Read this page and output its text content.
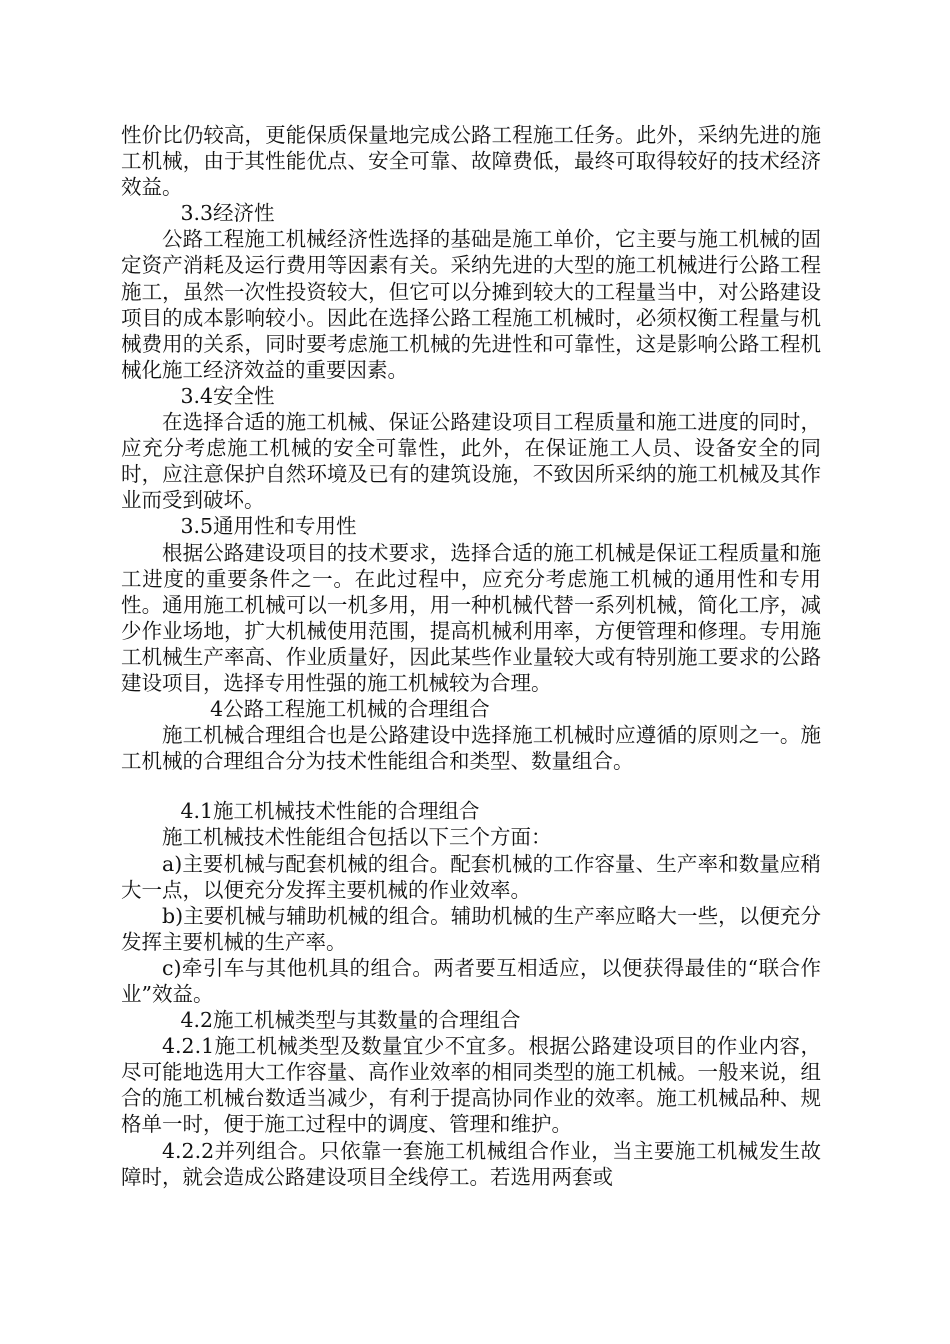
性价比仍较高，更能保质保量地完成公路工程施工任务。此外，采纳先进的施工机械，由于其性能优点、安全可靠、故障费低，最终可取得较好的技术经济效益。

3.3经济性

公路工程施工机械经济性选择的基础是施工单价，它主要与施工机械的固定资产消耗及运行费用等因素有关。采纳先进的大型的施工机械进行公路工程施工，虽然一次性投资较大，但它可以分摊到较大的工程量当中，对公路建设项目的成本影响较小。因此在选择公路工程施工机械时，必须权衡工程量与机械费用的关系，同时要考虑施工机械的先进性和可靠性，这是影响公路工程机械化施工经济效益的重要因素。

3.4安全性

在选择合适的施工机械、保证公路建设项目工程质量和施工进度的同时，应充分考虑施工机械的安全可靠性，此外，在保证施工人员、设备安全的同时，应注意保护自然环境及已有的建筑设施，不致因所采纳的施工机械及其作业而受到破坏。

3.5通用性和专用性

根据公路建设项目的技术要求，选择合适的施工机械是保证工程质量和施工进度的重要条件之一。在此过程中，应充分考虑施工机械的通用性和专用性。通用施工机械可以一机多用，用一种机械代替一系列机械，简化工序，减少作业场地，扩大机械使用范围，提高机械利用率，方便管理和修理。专用施工机械生产率高、作业质量好，因此某些作业量较大或有特别施工要求的公路建设项目，选择专用性强的施工机械较为合理。

4公路工程施工机械的合理组合

施工机械合理组合也是公路建设中选择施工机械时应遵循的原则之一。施工机械的合理组合分为技术性能组合和类型、数量组合。

4.1施工机械技术性能的合理组合

施工机械技术性能组合包括以下三个方面：

a)主要机械与配套机械的组合。配套机械的工作容量、生产率和数量应稍大一点，以便充分发挥主要机械的作业效率。

b)主要机械与辅助机械的组合。辅助机械的生产率应略大一些，以便充分发挥主要机械的生产率。

c)牵引车与其他机具的组合。两者要互相适应，以便获得最佳的“联合作业”效益。

4.2施工机械类型与其数量的合理组合

4.2.1施工机械类型及数量宜少不宜多。根据公路建设项目的作业内容，尽可能地选用大工作容量、高作业效率的相同类型的施工机械。一般来说，组合的施工机械台数适当减少，有利于提高协同作业的效率。施工机械品种、规格单一时，便于施工过程中的调度、管理和维护。

4.2.2并列组合。只依靠一套施工机械组合作业，当主要施工机械发生故障时，就会造成公路建设项目全线停工。若选用两套或
